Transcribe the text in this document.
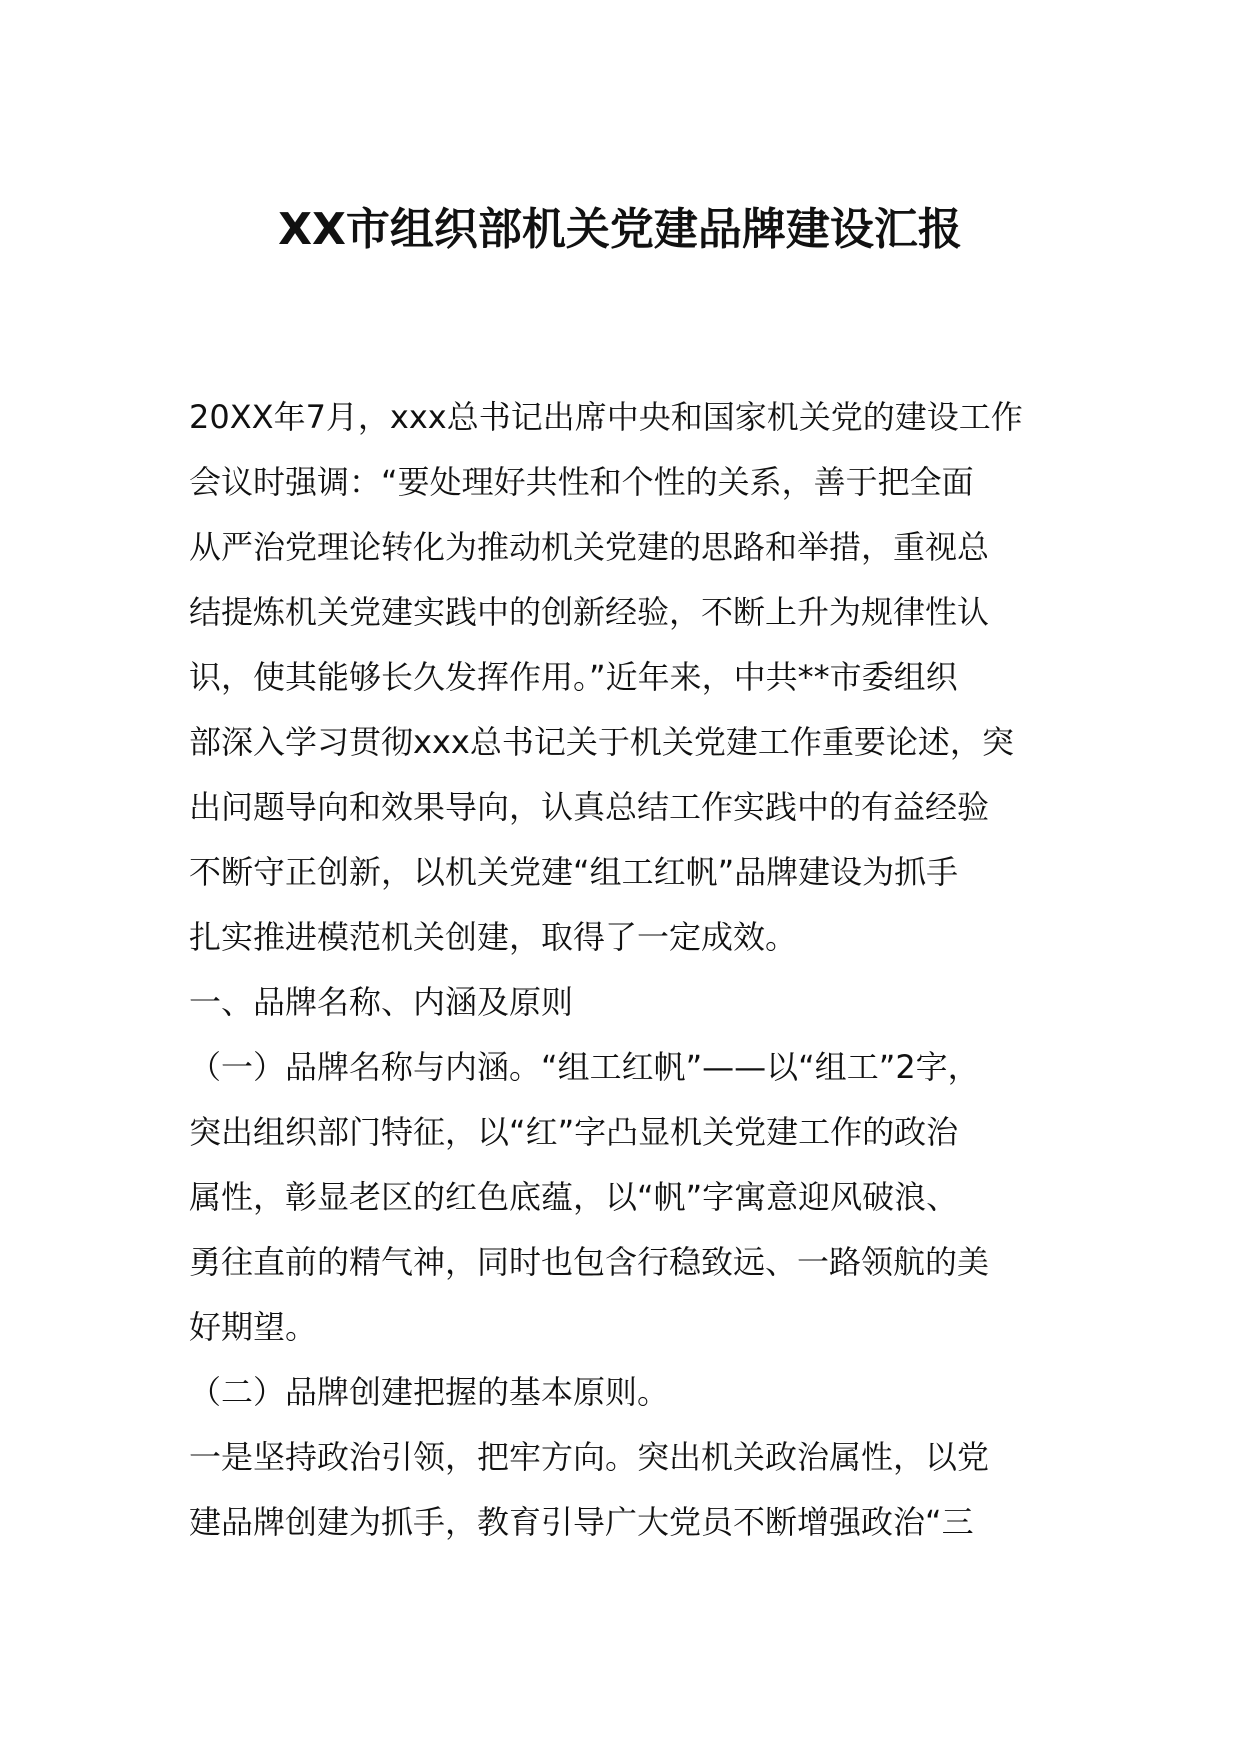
XX市组织部机关党建品牌建设汇报
20XX年7月，xxx总书记出席中央和国家机关党的建设工作
会议时强调：“要处理好共性和个性的关系，善于把全面
从严治党理论转化为推动机关党建的思路和举措，重视总
结提炼机关党建实践中的创新经验，不断上升为规律性认
识，使其能够长久发挥作用。”近年来，中共**市委组织
部深入学习贯彻xxx总书记关于机关党建工作重要论述，突
出问题导向和效果导向，认真总结工作实践中的有益经验
不断守正创新，以机关党建“组工红帆”品牌建设为抓手
扎实推进模范机关创建，取得了一定成效。
一、品牌名称、内涵及原则
（一）品牌名称与内涵。“组工红帆”——以“组工”2字，
突出组织部门特征，以“红”字凸显机关党建工作的政治
属性，彰显老区的红色底蕴，以“帆”字寓意迎风破浪、
勇往直前的精气神，同时也包含行稳致远、一路领航的美
好期望。
（二）品牌创建把握的基本原则。
一是坚持政治引领，把牢方向。突出机关政治属性，以党
建品牌创建为抓手，教育引导广大党员不断增强政治“三
